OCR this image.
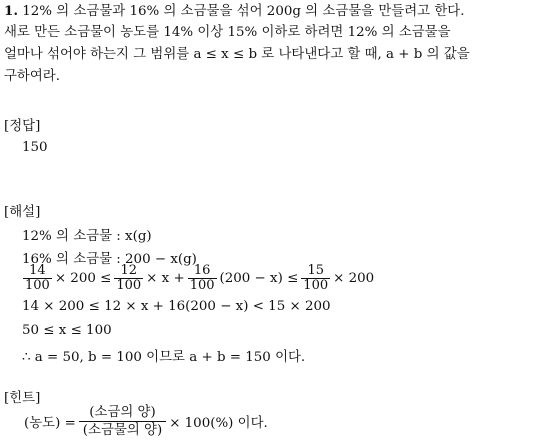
1. 12% 의 소금물과 16% 의 소금물을 섞어 200g 의 소금물을 만들려고 한다.
새로 만든 소금물이 농도를 14% 이상 15% 이하로 하려면 12% 의 소금물을
얼마나 섞어야 하는지 그 범위를 a ≤ x ≤ b 로 나타낸다고 할 때, a + b 의 값을
구하여라.
[정답]
150
[해설]
12% 의 소금물 : x(g)
16% 의 소금물 : 200 − x(g)
$\frac{14}{100} \times 200 \le \frac{12}{100} \times x + \frac{16}{100} (200 - x) \le \frac{15}{100} \times 200$
14 × 200 ≤ 12 × x + 16(200 − x) < 15 × 200
50 ≤ x ≤ 100
∴ a = 50, b = 100 이므로 a + b = 150 이다.
[힌트]
(농도) = $\frac{\text{(소금의 양)}}{\text{(소금물의 양)}} \times 100(\%)$ 이다.
